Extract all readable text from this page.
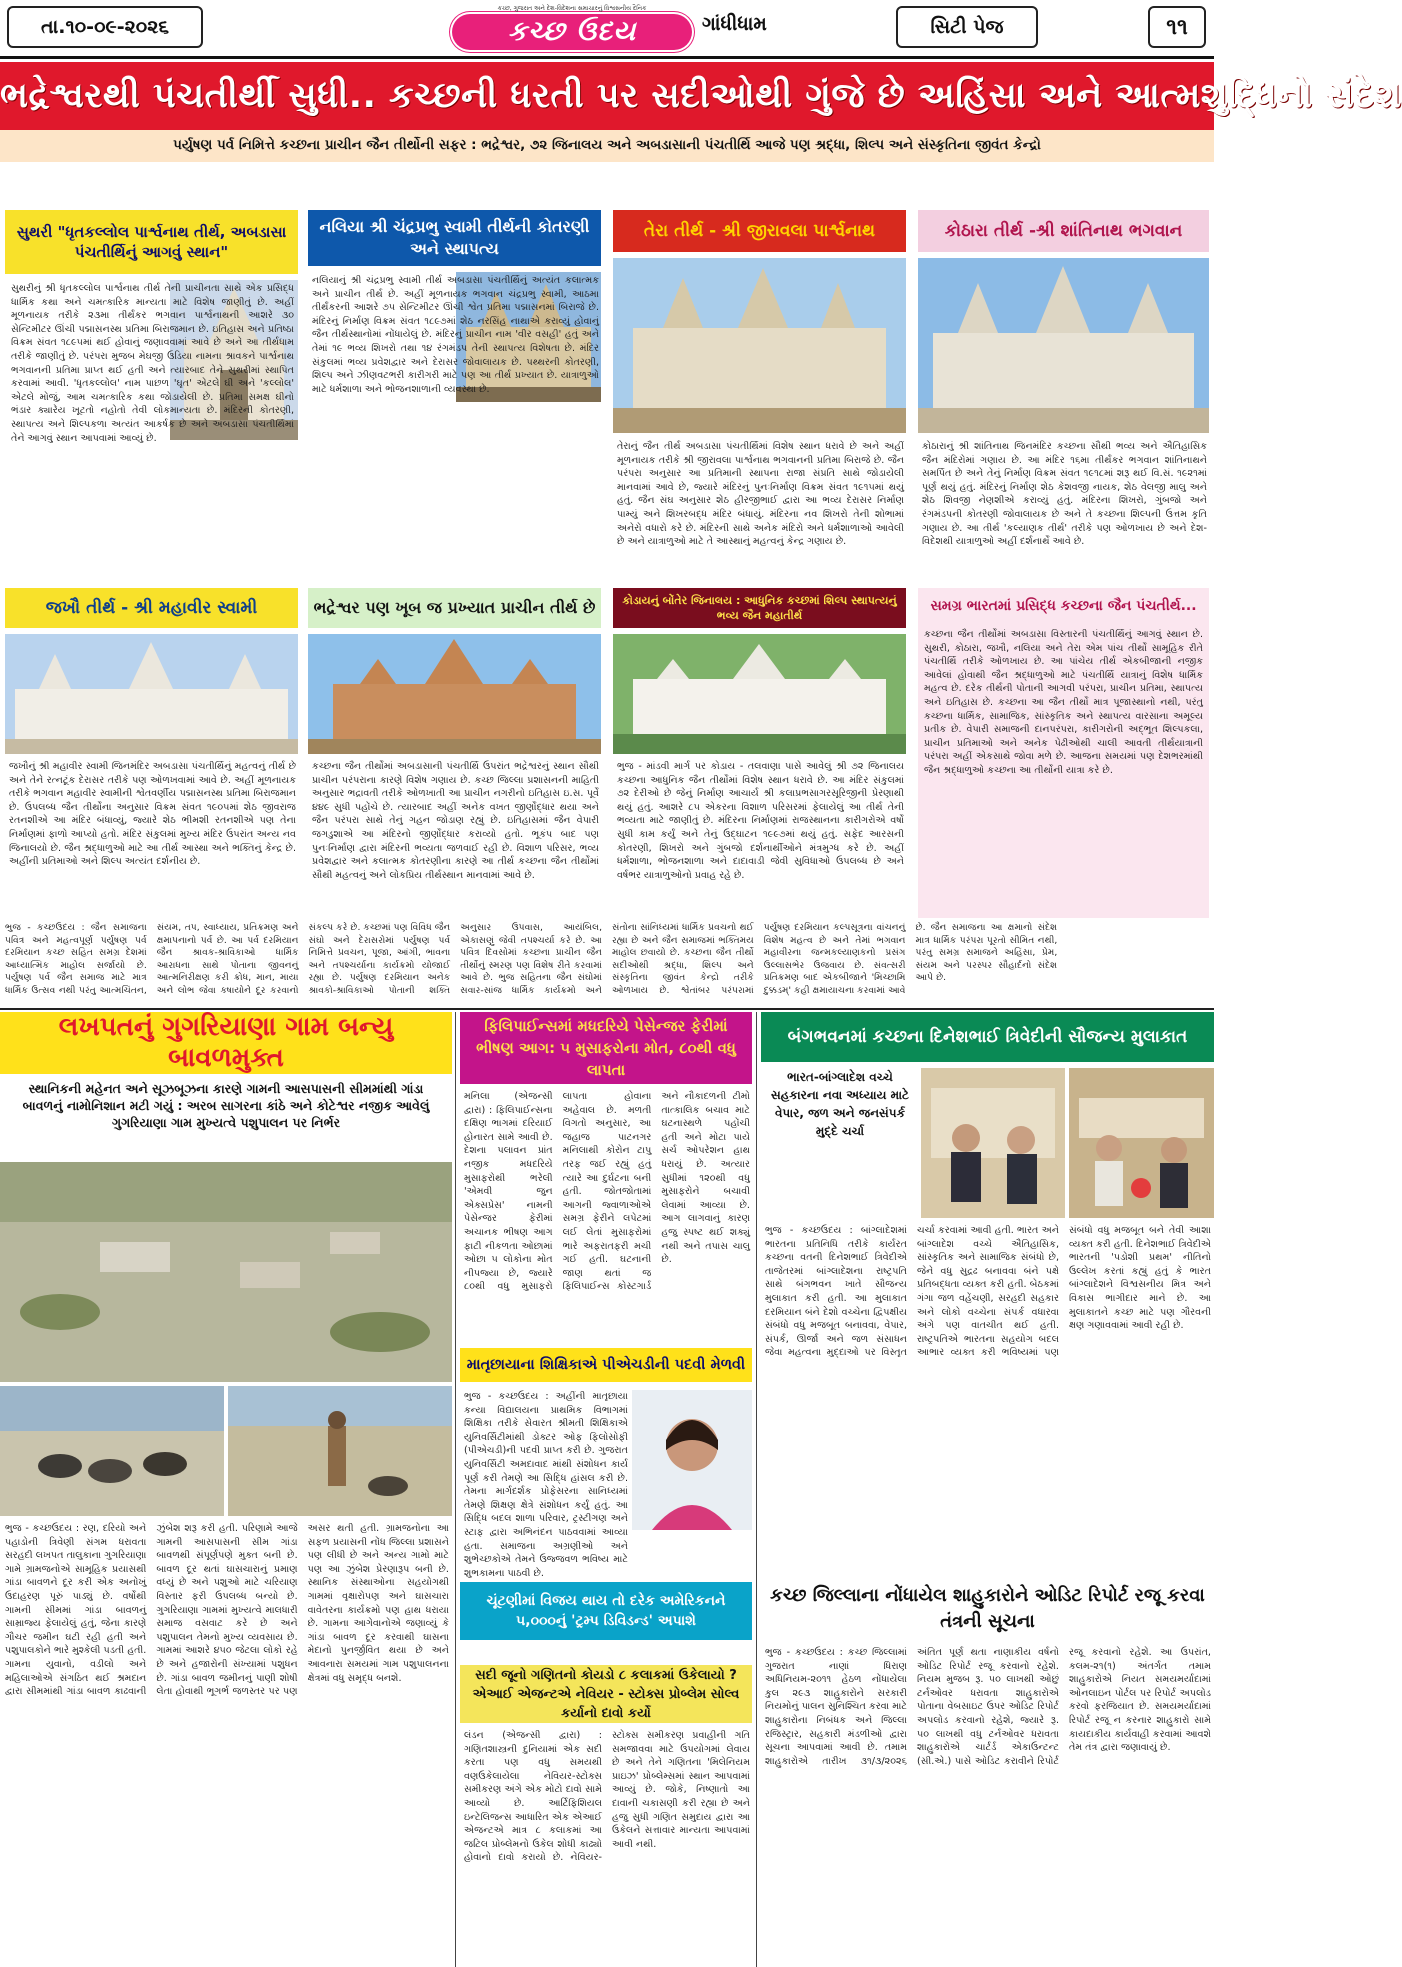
તા.૧૦-૦૯-૨૦૨૬
કચ્છ, ગુજરાત અને દેશ-વિદેશના સમાચારનું વિશ્વસનીય દૈનિક
કચ્છ ઉદય	ગાંધીધામ	સિટી પેજ	૧૧
ભદ્રેશ્વરથી પંચતીર્થી સુધી.. કચ્છની ધરતી પર સદીઓથી ગુંજે છે અહિંસા અને આત્મશુદ્ધિનો સંદેશ
પર્યુષણ પર્વ નિમિત્તે કચ્છના પ્રાચીન જૈન તીર્થોની સફર : ભદ્રેશ્વર, ૭૨ જિનાલય અને અબડાસાની પંચતીર્થિ આજે પણ શ્રદ્ધા, શિલ્પ અને સંસ્કૃતિના જીવંત કેન્દ્રો
સુથરી "ધૃતકલ્લોલ પાર્શ્વનાથ તીર્થ, અબડાસા પંચતીર્થિનું આગવું સ્થાન"
સુથરીનું શ્રી ધૃતકલ્લોલ પાર્શ્વનાથ તીર્થ તેની પ્રાચીનતા સાથે એક પ્રસિદ્ધ ધાર્મિક કથા અને ચમત્કારિક માન્યતા માટે વિશેષ જાણીતું છે. અહીં મૂળનાયક તરીકે ૨૩મા તીર્થંકર ભગવાન પાર્શ્વનાથની આશરે ૩૦ સેન્ટિમીટર ઊંચી પદ્માસનસ્થ પ્રતિમા બિરાજમાન છે. ઇતિહાસ અને પ્રતિષ્ઠા વિક્રમ સંવત ૧૮૯૫માં થઈ હોવાનું જણાવવામાં આવે છે અને આ તીર્થધામ તરીકે જાણીતું છે. પરંપરા મુજબ મેઘજી ઉડિયા નામના શ્રાવકને પાર્શ્વનાથ ભગવાનની પ્રતિમા પ્રાપ્ત થઈ હતી અને ત્યારબાદ તેને સુથરીમાં સ્થાપિત કરવામાં આવી. 'ધૃતકલ્લોલ' નામ પાછળ 'ઘૃત' એટલે ઘી અને 'કલ્લોલ' એટલે મોજું, આમ ચમત્કારિક કથા જોડાયેલી છે. પ્રતિમા સમક્ષ ઘીનો ભંડાર ક્યારેય ખૂટતો નહોતો તેવી લોકમાન્યતા છે. મંદિરની કોતરણી, સ્થાપત્ય અને શિલ્પકળા અત્યંત આકર્ષક છે અને અબડાસા પંચતીર્થિમાં તેને આગવું સ્થાન આપવામાં આવ્યું છે.
નલિયા શ્રી ચંદ્રપ્રભુ સ્વામી તીર્થની કોતરણી અને સ્થાપત્ય
નલિયાનું શ્રી ચંદ્રપ્રભુ સ્વામી તીર્થ અબડાસા પંચતીર્થિનું અત્યંત કલાત્મક અને પ્રાચીન તીર્થ છે. અહીં મૂળનાયક ભગવાન ચંદ્રપ્રભુ સ્વામી, આઠમા તીર્થંકરની આશરે ૭૫ સેન્ટિમીટર ઊંચી શ્વેત પ્રતિમા પદ્માસનમાં બિરાજે છે. મંદિરનું નિર્માણ વિક્રમ સંવત ૧૮૯૭માં શેઠ નરસિંહ નાથાએ કરાવ્યું હોવાનું જૈન તીર્થસ્થાનોમાં નોંધાયેલું છે. મંદિરનું પ્રાચીન નામ 'વીર વસહી' હતું અને તેમાં ૧૯ ભવ્ય શિખરો તથા ૧૪ રંગમંડપ તેની સ્થાપત્ય વિશેષતા છે. મંદિર સંકુલમાં ભવ્ય પ્રવેશદ્વાર અને દેરાસર જોવાલાયક છે. પથ્થરની કોતરણી, શિલ્પ અને ઝીણવટભરી કારીગરી માટે પણ આ તીર્થ પ્રખ્યાત છે. યાત્રાળુઓ માટે ધર્મશાળા અને ભોજનશાળાની વ્યવસ્થા છે.
તેરા તીર્થ - શ્રી જીરાવલા પાર્શ્વનાથ
તેરાનું જૈન તીર્થ અબડાસા પંચતીર્થિમાં વિશેષ સ્થાન ધરાવે છે અને અહીં મૂળનાયક તરીકે શ્રી જીરાવલા પાર્શ્વનાથ ભગવાનની પ્રતિમા બિરાજે છે. જૈન પરંપરા અનુસાર આ પ્રતિમાની સ્થાપના રાજા સંપ્રતિ સાથે જોડાયેલી માનવામાં આવે છે, જ્યારે મંદિરનું પુનઃનિર્માણ વિક્રમ સંવત ૧૯૧૫માં થયું હતું. જૈન સંઘ અનુસાર શેઠ હીરજીભાઈ દ્વારા આ ભવ્ય દેરાસર નિર્માણ પામ્યું અને શિખરબદ્ધ મંદિર બંધાયું. મંદિરના નવ શિખરો તેની શોભામાં અનેરો વધારો કરે છે. મંદિરની સાથે અનેક મંદિરો અને ધર્મશાળાઓ આવેલી છે અને યાત્રાળુઓ માટે તે આસ્થાનું મહત્વનું કેન્દ્ર ગણાય છે.
કોઠારા તીર્થ -શ્રી શાંતિનાથ ભગવાન
કોઠારાનું શ્રી શાંતિનાથ જિનમંદિર કચ્છના સૌથી ભવ્ય અને ઐતિહાસિક જૈન મંદિરોમાં ગણાય છે. આ મંદિર ૧૬મા તીર્થંકર ભગવાન શાંતિનાથને સમર્પિત છે અને તેનું નિર્માણ વિક્રમ સંવત ૧૯૧૮માં શરૂ થઈ વિ.સં. ૧૯૨૧માં પૂર્ણ થયું હતું. મંદિરનું નિર્માણ શેઠ કેશવજી નાયક, શેઠ વેલજી માલુ અને શેઠ શિવજી નેણશીએ કરાવ્યું હતું. મંદિરના શિખરો, ગુંબજો અને રંગમંડપની કોતરણી જોવાલાયક છે અને તે કચ્છના શિલ્પની ઉત્તમ કૃતિ ગણાય છે. આ તીર્થ 'કલ્યાણક તીર્થ' તરીકે પણ ઓળખાય છે અને દેશ-વિદેશથી યાત્રાળુઓ અહીં દર્શનાર્થે આવે છે.
જખૌ તીર્થ - શ્રી મહાવીર સ્વામી
જખૌનું શ્રી મહાવીર સ્વામી જિનમંદિર અબડાસા પંચતીર્થિનું મહત્વનું તીર્થ છે અને તેને રત્નટૂંક દેરાસર તરીકે પણ ઓળખવામાં આવે છે. અહીં મૂળનાયક તરીકે ભગવાન મહાવીર સ્વામીની શ્વેતવર્ણીય પદ્માસનસ્થ પ્રતિમા બિરાજમાન છે. ઉપલબ્ધ જૈન તીર્થોના અનુસાર વિક્રમ સંવત ૧૯૦૫માં શેઠ જીવરાજ રતનશીએ આ મંદિર બંધાવ્યું, જ્યારે શેઠ ભીમશી રતનશીએ પણ તેના નિર્માણમાં ફાળો આપ્યો હતો. મંદિર સંકુલમાં મુખ્ય મંદિર ઉપરાંત અન્ય નવ જિનાલયો છે. જૈન શ્રદ્ધાળુઓ માટે આ તીર્થ આસ્થા અને ભક્તિનું કેન્દ્ર છે. અહીંની પ્રતિમાઓ અને શિલ્પ અત્યંત દર્શનીય છે.
ભદ્રેશ્વર પણ ખૂબ જ પ્રખ્યાત પ્રાચીન તીર્થ છે
કચ્છના જૈન તીર્થોમાં અબડાસાની પંચતીર્થિ ઉપરાંત ભદ્રેશ્વરનું સ્થાન સૌથી પ્રાચીન પરંપરાના કારણે વિશેષ ગણાય છે. કચ્છ જિલ્લા પ્રશાસનની માહિતી અનુસાર ભદ્રાવતી તરીકે ઓળખાતી આ પ્રાચીન નગરીનો ઇતિહાસ ઇ.સ. પૂર્વે ૪૪૯ સુધી પહોંચે છે. ત્યારબાદ અહીં અનેક વખત જીર્ણોદ્ધાર થયા અને જૈન પરંપરા સાથે તેનું ગહન જોડાણ રહ્યું છે. ઇતિહાસમાં જૈન વેપારી જગડુશાએ આ મંદિરનો જીર્ણોદ્ધાર કરાવ્યો હતો. ભૂકંપ બાદ પણ પુનઃનિર્માણ દ્વારા મંદિરની ભવ્યતા જળવાઈ રહી છે. વિશાળ પરિસર, ભવ્ય પ્રવેશદ્વાર અને કલાત્મક કોતરણીના કારણે આ તીર્થ કચ્છના જૈન તીર્થોમાં સૌથી મહત્વનું અને લોકપ્રિય તીર્થસ્થાન માનવામાં આવે છે.
કોડાયનું બોંતેર જિનાલય : આધુનિક કચ્છમાં શિલ્પ સ્થાપત્યનું ભવ્ય જૈન મહાતીર્થ
ભુજ - માંડવી માર્ગ પર કોડાય - તલવાણા પાસે આવેલું શ્રી ૭૨ જિનાલય કચ્છના આધુનિક જૈન તીર્થોમાં વિશેષ સ્થાન ધરાવે છે. આ મંદિર સંકુલમાં ૭૨ દેરીઓ છે જેનું નિર્માણ આચાર્ય શ્રી કલાપ્રભસાગરસૂરિજીની પ્રેરણાથી થયું હતું. આશરે ૮૫ એકરના વિશાળ પરિસરમાં ફેલાયેલું આ તીર્થ તેની ભવ્યતા માટે જાણીતું છે. મંદિરના નિર્માણમાં રાજસ્થાનના કારીગરોએ વર્ષો સુધી કામ કર્યું અને તેનું ઉદ્ઘાટન ૧૯૯૭માં થયું હતું. સફેદ આરસની કોતરણી, શિખરો અને ગુંબજો દર્શનાર્થીઓને મંત્રમુગ્ધ કરે છે. અહીં ધર્મશાળા, ભોજનશાળા અને દાદાવાડી જેવી સુવિધાઓ ઉપલબ્ધ છે અને વર્ષભર યાત્રાળુઓનો પ્રવાહ રહે છે.
સમગ્ર ભારતમાં પ્રસિદ્ધ કચ્છના જૈન પંચતીર્થ...
કચ્છના જૈન તીર્થોમાં અબડાસા વિસ્તારની પંચતીર્થિનું આગવું સ્થાન છે. સુથરી, કોઠારા, જખૌ, નલિયા અને તેરા એમ પાંચ તીર્થો સામૂહિક રીતે પંચતીર્થિ તરીકે ઓળખાય છે. આ પાંચેય તીર્થ એકબીજાની નજીક આવેલાં હોવાથી જૈન શ્રદ્ધાળુઓ માટે પંચતીર્થિ યાત્રાનું વિશેષ ધાર્મિક મહત્વ છે. દરેક તીર્થની પોતાની આગવી પરંપરા, પ્રાચીન પ્રતિમા, સ્થાપત્ય અને ઇતિહાસ છે. કચ્છના આ જૈન તીર્થો માત્ર પૂજાસ્થાનો નથી, પરંતુ કચ્છના ધાર્મિક, સામાજિક, સાંસ્કૃતિક અને સ્થાપત્ય વારસાના અમૂલ્ય પ્રતીક છે. વેપારી સમાજની દાનપરંપરા, કારીગરોની અદ્ભૂત શિલ્પકલા, પ્રાચીન પ્રતિમાઓ અને અનેક પેઢીઓથી ચાલી આવતી તીર્થયાત્રાની પરંપરા અહીં એકસાથે જોવા મળે છે. આજના સમયમાં પણ દેશભરમાંથી જૈન શ્રદ્ધાળુઓ કચ્છના આ તીર્થોની યાત્રા કરે છે.
ભુજ - કચ્છઉદય : જૈન સમાજના પવિત્ર અને મહત્વપૂર્ણ પર્યુષણ પર્વ દરમિયાન કચ્છ સહિત સમગ્ર દેશમાં આધ્યાત્મિક માહોલ સર્જાયો છે. પર્યુષણ પર્વ જૈન સમાજ માટે માત્ર ધાર્મિક ઉત્સવ નથી પરંતુ આત્મચિંતન, સંયમ, તપ, સ્વાધ્યાય, પ્રતિક્રમણ અને ક્ષમાપનાનો પર્વ છે. આ પર્વ દરમિયાન જૈન શ્રાવક-શ્રાવિકાઓ ધાર્મિક આરાધના સાથે પોતાના જીવનનું આત્મનિરીક્ષણ કરી ક્રોધ, માન, માયા અને લોભ જેવા કષાયોને દૂર કરવાનો સંકલ્પ કરે છે. કચ્છમાં પણ વિવિધ જૈન સંઘો અને દેરાસરોમાં પર્યુષણ પર્વ નિમિત્તે પ્રવચન, પૂજા, આંગી, ભાવના અને તપશ્ચર્યાના કાર્યક્રમો યોજાઈ રહ્યા છે. પર્યુષણ દરમિયાન અનેક શ્રાવકો-શ્રાવિકાઓ પોતાની શક્તિ અનુસાર ઉપવાસ, આયંબિલ, એકાસણું જેવી તપશ્ચર્યા કરે છે. આ પવિત્ર દિવસોમાં કચ્છના પ્રાચીન જૈન તીર્થોનું સ્મરણ પણ વિશેષ રીતે કરવામાં આવે છે. ભુજ સહિતના જૈન સંઘોમાં સવાર-સાંજ ધાર્મિક કાર્યક્રમો અને સંતોના સાંનિધ્યમાં ધાર્મિક પ્રવચનો થઈ રહ્યા છે અને જૈન સમાજમાં ભક્તિમય માહોલ છવાયો છે. કચ્છના જૈન તીર્થો સદીઓથી શ્રદ્ધા, શિલ્પ અને સંસ્કૃતિના જીવંત કેન્દ્રો તરીકે ઓળખાય છે. શ્વેતાંબર પરંપરામાં પર્યુષણ દરમિયાન કલ્પસૂત્રના વાંચનનું વિશેષ મહત્વ છે અને તેમાં ભગવાન મહાવીરના જન્મકલ્યાણકનો પ્રસંગ ઉલ્લાસભેર ઉજવાય છે. સંવત્સરી પ્રતિક્રમણ બાદ એકબીજાને 'મિચ્છામિ દુક્કડમ્' કહી ક્ષમાયાચના કરવામાં આવે છે. જૈન સમાજના આ ક્ષમાનો સંદેશ માત્ર ધાર્મિક પરંપરા પૂરતો સીમિત નથી, પરંતુ સમગ્ર સમાજને અહિંસા, પ્રેમ, સંયમ અને પરસ્પર સૌહાર્દનો સંદેશ આપે છે.
લખપતનું ગુગરિયાણા ગામ બન્યુ બાવળમુક્ત
સ્થાનિકની મહેનત અને સૂઝબૂઝના કારણે ગામની આસપાસની સીમમાંથી ગાંડા બાવળનું નામોનિશાન મટી ગયું : અરબ સાગરના કાંઠે અને કોટેશ્વર નજીક આવેલું ગુગરિયાણા ગામ મુખ્યત્વે પશુપાલન પર નિર્ભર
ભુજ - કચ્છઉદય : રણ, દરિયો અને પહાડોની ત્રિવેણી સંગમ ધરાવતા સરહદી લખપત તાલુકાના ગુગરિયાણા ગામે ગ્રામજનોએ સામૂહિક પ્રયાસથી ગાંડા બાવળને દૂર કરી એક અનોખું ઉદાહરણ પૂરું પાડ્યું છે. વર્ષોથી ગામની સીમમાં ગાંડા બાવળનું સામ્રાજ્ય ફેલાયેલું હતું, જેના કારણે ગૌચર જમીન ઘટી રહી હતી અને પશુપાલકોને ભારે મુશ્કેલી પડતી હતી. ગામના યુવાનો, વડીલો અને મહિલાઓએ સંગઠિત થઈ શ્રમદાન દ્વારા સીમમાંથી ગાંડા બાવળ કાઢવાની ઝુંબેશ શરૂ કરી હતી. પરિણામે આજે ગામની આસપાસની સીમ ગાંડા બાવળથી સંપૂર્ણપણે મુક્ત બની છે. બાવળ દૂર થતાં ઘાસચારાનું પ્રમાણ વધ્યું છે અને પશુઓ માટે ચરિયાણ વિસ્તાર ફરી ઉપલબ્ધ બન્યો છે. ગુગરિયાણા ગામમાં મુખ્યત્વે માલધારી સમાજ વસવાટ કરે છે અને પશુપાલન તેમનો મુખ્ય વ્યવસાય છે. ગામમાં આશરે ૪૫૦ જેટલા લોકો રહે છે અને હજારોની સંખ્યામાં પશુધન છે. ગાંડા બાવળ જમીનનું પાણી શોષી લેતા હોવાથી ભૂગર્ભ જળસ્તર પર પણ અસર થતી હતી. ગ્રામજનોના આ સફળ પ્રયાસની નોંધ જિલ્લા પ્રશાસને પણ લીધી છે અને અન્ય ગામો માટે પણ આ ઝુંબેશ પ્રેરણારૂપ બની છે. સ્થાનિક સંસ્થાઓના સહયોગથી ગામમાં વૃક્ષારોપણ અને ઘાસચારા વાવેતરના કાર્યક્રમો પણ હાથ ધરાયા છે. ગામના આગેવાનોએ જણાવ્યું કે ગાંડા બાવળ દૂર કરવાથી ઘાસના મેદાનો પુનર્જીવિત થયા છે અને આવનારા સમયમાં ગામ પશુપાલનના ક્ષેત્રમાં વધુ સમૃદ્ધ બનશે.
ફિલિપાઈન્સમાં મધદરિયે પેસેન્જર ફેરીમાં ભીષણ આગ: ૫ મુસાફરોના મોત, ૮૦થી વધુ લાપતા
મનિલા (એજન્સી દ્વારા) : ફિલિપાઈન્સના દક્ષિણ ભાગમાં દરિયાઈ હોનારત સામે આવી છે. દેશના પલાવન પ્રાંત નજીક મધદરિયે મુસાફરોથી ભરેલી 'એમવી જુન એક્સપ્રેસ' નામની પેસેન્જર ફેરીમાં અચાનક ભીષણ આગ ફાટી નીકળતા ઓછામાં ઓછા ૫ લોકોના મોત નીપજ્યા છે, જ્યારે ૮૦થી વધુ મુસાફરો લાપતા હોવાના અહેવાલ છે. મળતી વિગતો અનુસાર, આ જહાજ પાટનગર મનિલાથી કોરોન ટાપુ તરફ જઈ રહ્યું હતું ત્યારે આ દુર્ઘટના બની હતી. જોતજોતામાં આગની જ્વાળાઓએ સમગ્ર ફેરીને લપેટમાં લઈ લેતાં મુસાફરોમાં ભારે અફરાતફરી મચી ગઈ હતી. ઘટનાની જાણ થતાં જ ફિલિપાઈન્સ કોસ્ટગાર્ડ અને નૌકાદળની ટીમો તાત્કાલિક બચાવ માટે ઘટનાસ્થળે પહોંચી હતી અને મોટા પાયે સર્ચ ઓપરેશન હાથ ધરાયું છે. અત્યાર સુધીમાં ૧૨૦થી વધુ મુસાફરોને બચાવી લેવામાં આવ્યા છે. આગ લાગવાનું કારણ હજુ સ્પષ્ટ થઈ શક્યું નથી અને તપાસ ચાલુ છે.
માતૃછાયાના શિક્ષિકાએ પીએચડીની પદવી મેળવી
ભુજ - કચ્છઉદય : અહીંની માતૃછાયા કન્યા વિદ્યાલયના પ્રાથમિક વિભાગમાં શિક્ષિકા તરીકે સેવારત શ્રીમતી શિક્ષિકાએ યુનિવર્સિટીમાંથી ડોક્ટર ઓફ ફિલોસોફી (પીએચડી)ની પદવી પ્રાપ્ત કરી છે. ગુજરાત યુનિવર્સિટી અમદાવાદ માંથી સંશોધન કાર્ય પૂર્ણ કરી તેમણે આ સિદ્ધિ હાંસલ કરી છે. તેમના માર્ગદર્શક પ્રોફેસરના સાનિધ્યમાં તેમણે શિક્ષણ ક્ષેત્રે સંશોધન કર્યું હતું. આ સિદ્ધિ બદલ શાળા પરિવાર, ટ્રસ્ટીગણ અને સ્ટાફ દ્વારા અભિનંદન પાઠવવામાં આવ્યા હતા. સમાજના અગ્રણીઓ અને શુભેચ્છકોએ તેમને ઉજ્જવળ ભવિષ્ય માટે શુભકામના પાઠવી છે.
ચૂંટણીમાં વિજય થાય તો દરેક અમેરિકનને ૫,૦૦૦નું 'ટ્રમ્પ ડિવિડન્ડ' અપાશે
સદી જૂનો ગણિતનો કોયડો ૮ કલાકમાં ઉકેલાયો ? એઆઈ એજન્ટએ નેવિયર - સ્ટોક્સ પ્રોબ્લેમ સોલ્વ કર્યાનો દાવો કર્યો
લંડન (એજન્સી દ્વારા) : ગણિતશાસ્ત્રની દુનિયામાં એક સદી કરતા પણ વધુ સમયથી વણઉકેલાયેલા નેવિયર-સ્ટોક્સ સમીકરણ અંગે એક મોટો દાવો સામે આવ્યો છે. આર્ટિફિશિયલ ઇન્ટેલિજન્સ આધારિત એક એઆઈ એજન્ટએ માત્ર ૮ કલાકમાં આ જટિલ પ્રોબ્લેમનો ઉકેલ શોધી કાઢ્યો હોવાનો દાવો કરાયો છે. નેવિયર-સ્ટોક્સ સમીકરણ પ્રવાહીની ગતિ સમજાવવા માટે ઉપયોગમાં લેવાય છે અને તેને ગણિતના 'મિલેનિયમ પ્રાઇઝ' પ્રોબ્લેમ્સમાં સ્થાન આપવામાં આવ્યું છે. જોકે, નિષ્ણાતો આ દાવાની ચકાસણી કરી રહ્યા છે અને હજુ સુધી ગણિત સમુદાય દ્વારા આ ઉકેલને સત્તાવાર માન્યતા આપવામાં આવી નથી.
બંગભવનમાં કચ્છના દિનેશભાઈ ત્રિવેદીની સૌજન્ય મુલાકાત
ભારત-બાંગ્લાદેશ વચ્ચે સહકારના નવા અધ્યાય માટે વેપાર, જળ અને જનસંપર્ક મુદ્દે ચર્ચા
ભુજ - કચ્છઉદય : બાંગ્લાદેશમાં ભારતના પ્રતિનિધિ તરીકે કાર્યરત કચ્છના વતની દિનેશભાઈ ત્રિવેદીએ તાજેતરમાં બાંગ્લાદેશના રાષ્ટ્રપતિ સાથે બંગભવન ખાતે સૌજન્ય મુલાકાત કરી હતી. આ મુલાકાત દરમિયાન બંને દેશો વચ્ચેના દ્વિપક્ષીય સંબંધો વધુ મજબૂત બનાવવા, વેપાર, સંપર્ક, ઊર્જા અને જળ સંસાધન જેવા મહત્વના મુદ્દાઓ પર વિસ્તૃત ચર્ચા કરવામાં આવી હતી. ભારત અને બાંગ્લાદેશ વચ્ચે ઐતિહાસિક, સાંસ્કૃતિક અને સામાજિક સંબંધો છે, જેને વધુ સુદ્રઢ બનાવવા બંને પક્ષે પ્રતિબદ્ધતા વ્યક્ત કરી હતી. બેઠકમાં ગંગા જળ વહેંચણી, સરહદી સહકાર અને લોકો વચ્ચેના સંપર્ક વધારવા અંગે પણ વાતચીત થઈ હતી. રાષ્ટ્રપતિએ ભારતના સહયોગ બદલ આભાર વ્યક્ત કરી ભવિષ્યમાં પણ સંબંધો વધુ મજબૂત બને તેવી આશા વ્યક્ત કરી હતી. દિનેશભાઈ ત્રિવેદીએ ભારતની 'પડોશી પ્રથમ' નીતિનો ઉલ્લેખ કરતાં કહ્યું હતું કે ભારત બાંગ્લાદેશને વિશ્વસનીય મિત્ર અને વિકાસ ભાગીદાર માને છે. આ મુલાકાતને કચ્છ માટે પણ ગૌરવની ક્ષણ ગણાવવામાં આવી રહી છે.
કચ્છ જિલ્લાના નોંધાયેલ શાહુકારોને ઓડિટ રિપોર્ટ રજૂ કરવા તંત્રની સૂચના
ભુજ - કચ્છઉદય : કચ્છ જિલ્લામાં ગુજરાત નાણાં ધિરાણ અધિનિયમ-૨૦૧૧ હેઠળ નોંધાયેલા કુલ ૨૯૩ શાહુકારોને સરકારી નિયમોનું પાલન સુનિશ્ચિત કરવા માટે શાહુકારોના નિબંધક અને જિલ્લા રજિસ્ટ્રાર, સહકારી મંડળીઓ દ્વારા સૂચના આપવામાં આવી છે. તમામ શાહુકારોએ તારીખ ૩૧/૩/૨૦૨૬ અંતિત પૂર્ણ થતા નાણાકીય વર્ષનો ઓડિટ રિપોર્ટ રજૂ કરવાનો રહેશે. નિયમ મુજબ રૂ. ૫૦ લાખથી ઓછું ટર્નઓવર ધરાવતા શાહુકારોએ પોતાના વેબસાઇટ ઉપર ઓડિટ રિપોર્ટ અપલોડ કરવાનો રહેશે, જ્યારે રૂ. ૫૦ લાખથી વધુ ટર્નઓવર ધરાવતા શાહુકારોએ ચાર્ટર્ડ એકાઉન્ટન્ટ (સી.એ.) પાસે ઓડિટ કરાવીને રિપોર્ટ રજૂ કરવાનો રહેશે. આ ઉપરાંત, કલમ-૨૧(૧) અંતર્ગત તમામ શાહુકારોએ નિયત સમયમર્યાદામાં ઓનલાઇન પોર્ટલ પર રિપોર્ટ અપલોડ કરવો ફરજિયાત છે. સમયમર્યાદામાં રિપોર્ટ રજૂ ન કરનાર શાહુકારો સામે કાયદાકીય કાર્યવાહી કરવામાં આવશે તેમ તંત્ર દ્વારા જણાવાયું છે.
